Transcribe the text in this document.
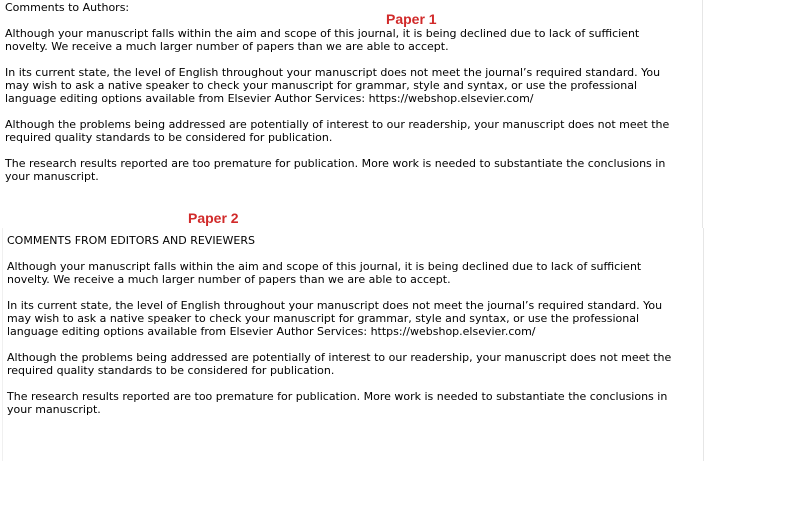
Comments to Authors:
Paper 1

Although your manuscript falls within the aim and scope of this journal, it is being declined due to lack of sufficient
novelty. We receive a much larger number of papers than we are able to accept.

In its current state, the level of English throughout your manuscript does not meet the journal’s required standard. You
may wish to ask a native speaker to check your manuscript for grammar, style and syntax, or use the professional
language editing options available from Elsevier Author Services: https://webshop.elsevier.com/

Although the problems being addressed are potentially of interest to our readership, your manuscript does not meet the
required quality standards to be considered for publication.

The research results reported are too premature for publication. More work is needed to substantiate the conclusions in
your manuscript.

Paper 2
COMMENTS FROM EDITORS AND REVIEWERS

Although your manuscript falls within the aim and scope of this journal, it is being declined due to lack of sufficient
novelty. We receive a much larger number of papers than we are able to accept.

In its current state, the level of English throughout your manuscript does not meet the journal’s required standard. You
may wish to ask a native speaker to check your manuscript for grammar, style and syntax, or use the professional
language editing options available from Elsevier Author Services: https://webshop.elsevier.com/

Although the problems being addressed are potentially of interest to our readership, your manuscript does not meet the
required quality standards to be considered for publication.

The research results reported are too premature for publication. More work is needed to substantiate the conclusions in
your manuscript.
